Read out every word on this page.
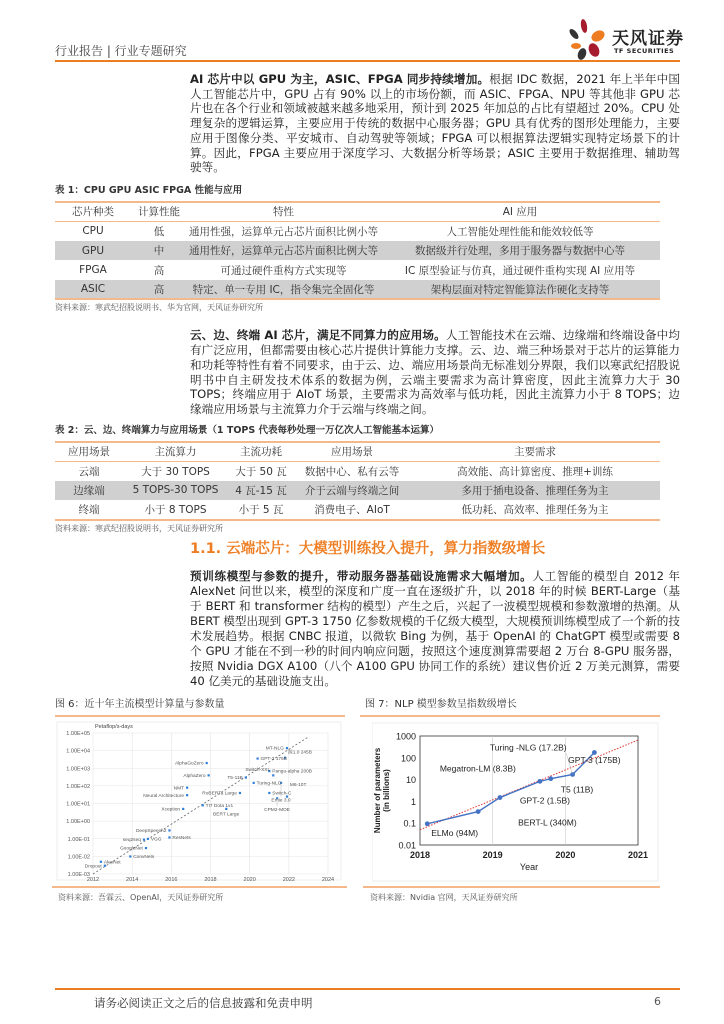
行业报告 | 行业专题研究
天风证券
TF SECURITIES

AI 芯片中以 GPU 为主，ASIC、FPGA 同步持续增加。根据 IDC 数据，2021 年上半年中国人工智能芯片中，GPU 占有 90% 以上的市场份额，而 ASIC、FPGA、NPU 等其他非 GPU 芯片也在各个行业和领域被越来越多地采用，预计到 2025 年加总的占比有望超过 20%。CPU 处理复杂的逻辑运算，主要应用于传统的数据中心服务器；GPU 具有优秀的图形处理能力，主要应用于图像分类、平安城市、自动驾驶等领域；FPGA 可以根据算法逻辑实现特定场景下的计算。因此，FPGA 主要应用于深度学习、大数据分析等场景；ASIC 主要用于数据推理、辅助驾驶等。

表 1：CPU GPU ASIC FPGA 性能与应用
芯片种类	计算性能	特性	AI 应用
CPU	低	通用性强，运算单元占芯片面积比例小等	人工智能处理性能和能效较低等
GPU	中	通用性好，运算单元占芯片面积比例大等	数据级并行处理，多用于服务器与数据中心等
FPGA	高	可通过硬件重构方式实现等	IC 原型验证与仿真，通过硬件重构实现 AI 应用等
ASIC	高	特定、单一专用 IC，指令集完全固化等	架构层面对特定智能算法作硬化支持等
资料来源：寒武纪招股说明书、华为官网，天风证券研究所

云、边、终端 AI 芯片，满足不同算力的应用场。人工智能技术在云端、边缘端和终端设备中均有广泛应用，但都需要由核心芯片提供计算能力支撑。云、边、端三种场景对于芯片的运算能力和功耗等特性有着不同要求，由于云、边、端应用场景尚无标准划分界限，我们以寒武纪招股说明书中自主研发技术体系的数据为例，云端主要需求为高计算密度，因此主流算力大于 30 TOPS；终端应用于 AIoT 场景，主要需求为高效率与低功耗，因此主流算力小于 8 TOPS；边缘端应用场景与主流算力介于云端与终端之间。

表 2：云、边、终端算力与应用场景（1 TOPS 代表每秒处理一万亿次人工智能基本运算）
应用场景	主流算力	主流功耗	应用场景	主要需求
云端	大于 30 TOPS	大于 50 瓦	数据中心、私有云等	高效能、高计算密度、推理+训练
边缘端	5 TOPS-30 TOPS	4 瓦-15 瓦	介于云端与终端之间	多用于插电设备、推理任务为主
终端	小于 8 TOPS	小于 5 瓦	消费电子、AIoT	低功耗、高效率、推理任务为主
资料来源：寒武纪招股说明书，天风证券研究所
1.1. 云端芯片：大模型训练投入提升，算力指数级增长

预训练模型与参数的提升，带动服务器基础设施需求大幅增加。人工智能的模型自 2012 年 AlexNet 问世以来，模型的深度和广度一直在逐级扩升，以 2018 年的时候 BERT-Large（基于 BERT 和 transformer 结构的模型）产生之后，兴起了一波模型规模和参数激增的热潮。从 BERT 模型出现到 GPT-3 1750 亿参数规模的千亿级大模型，大规模预训练模型成了一个新的技术发展趋势。根据 CNBC 报道，以微软 Bing 为例，基于 OpenAI 的 ChatGPT 模型或需要 8 个 GPU 才能在不到一秒的时间内响应问题，按照这个速度测算需要超 2 万台 8-GPU 服务器，按照 Nvidia DGX A100（八个 A100 GPU 协同工作的系统）建议售价近 2 万美元测算，需要 40 亿美元的基础设施支出。

图 6：近十年主流模型计算量与参数量
1.00E-03
1.00E-02
1.00E-01
1.00E+00
1.00E+01
1.00E+02
1.00E+03
1.00E+04
1.00E+05
2012	2014	2016	2018	2020	2022	2024
Petaflop/s-days
AlexNet
Dropout
ConvNets
GoogleNet
seq2seq VGG
DeepSpeech2
ResNets
Xception
Neural Architecture
NMT
TI7 Dota 1v1
AlphaGoZero
AlphaZero
BERT Large
RoBERTa Large
T5-11B
Turing-NLG
GPT-3 175B
Pangu-alpha 200B
Switch-C
Switch-XXL
Ernie 3.0
CPM2-MOE
M6-10T
源1.0 245B
MT-NLG
资料来源：吾霖云、OpenAI，天风证券研究所
图 7：NLP 模型参数呈指数级增长
0.01
0.1
1
10
100
1000
2018	2019	2020	2021
Year
Number of parameters(in billions)
ELMo (94M)
BERT-L (340M)
GPT-2 (1.5B)
Megatron-LM (8.3B)
T5 (11B)
Turing -NLG (17.2B)
GPT-3 (175B)
资料来源：Nvidia 官网，天风证券研究所
请务必阅读正文之后的信息披露和免责申明	6
